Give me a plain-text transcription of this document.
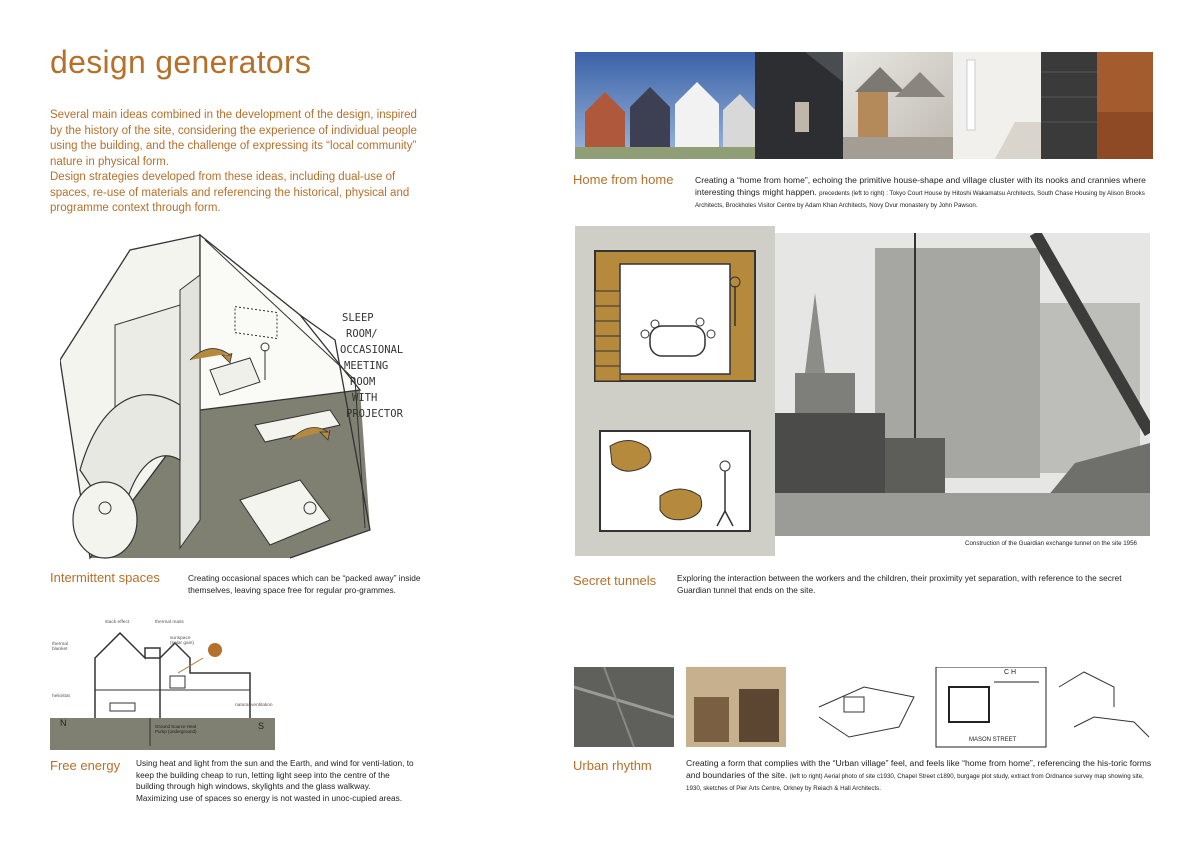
design generators

Several main ideas combined in the development of the design, inspired by the history of the site, considering the experience of individual people using the building, and the challenge of expressing its “local community” nature in physical form.

Design strategies developed from these ideas, including dual-use of spaces, re-use of materials and referencing the historical, physical and programme context through form.

SLEEP
ROOM/
OCCASIONAL
MEETING
ROOM
WITH
PROJECTOR
Intermittent spaces	Creating occasional spaces which can be “packed away” inside themselves, leaving space free for regular pro-grammes.
stack effect	thermal mass
sunspace (solar gain)
thermal blanket
heliostat
natural ventilation
Ground Source Heat Pump (underground)
N	S
Free energy Using heat and light from the sun and the Earth, and wind for venti-lation, to keep the building cheap to run, letting light seep into the centre of the building through high windows, skylights and the glass walkway. Maximizing use of spaces so energy is not wasted in unoc-cupied areas.
Home from home	Creating a “home from home”, echoing the primitive house-shape and village cluster with its nooks and crannies where interesting things might happen. precedents (left to right) : Tokyo Court House by Hitoshi Wakamatsu Architects, South Chase Housing by Alison Brooks Architects, Brockholes Visitor Centre by Adam Khan Architects, Novy Dvur monastery by John Pawson.
Construction of the Guardian exchange tunnel on the site 1956
Secret tunnels	Exploring the interaction between the workers and the children, their proximity yet separation, with reference to the secret Guardian tunnel that ends on the site.
C H
MASON STREET
Urban rhythm	Creating a form that complies with the “Urban village” feel, and feels like “home from home”, referencing the his-toric forms and boundaries of the site. (left to right) Aerial photo of site c1930, Chapel Street c1890, burgage plot study, extract from Ordnance survey map showing site, 1930, sketches of Pier Arts Centre, Orkney by Reiach & Hall Architects.
